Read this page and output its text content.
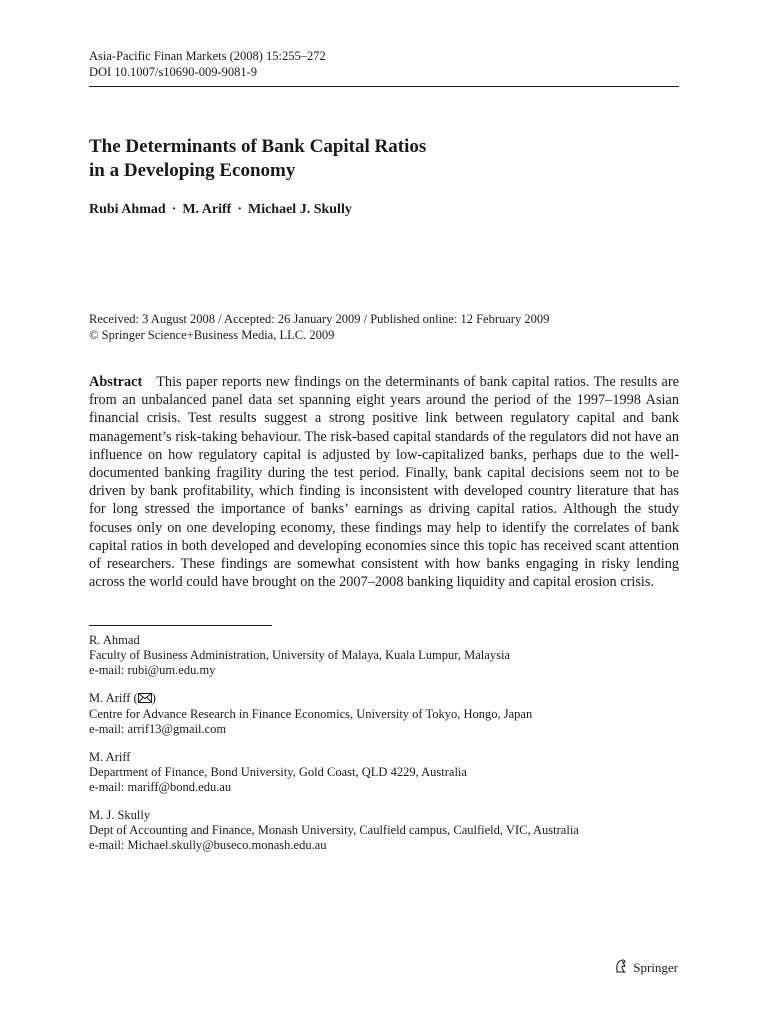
Asia-Pacific Finan Markets (2008) 15:255–272

DOI 10.1007/s10690-009-9081-9

The Determinants of Bank Capital Ratios
in a Developing Economy

Rubi Ahmad · M. Ariff · Michael J. Skully

Received: 3 August 2008 / Accepted: 26 January 2009 / Published online: 12 February 2009
© Springer Science+Business Media, LLC. 2009

Abstract This paper reports new findings on the determinants of bank capital ratios. The results are from an unbalanced panel data set spanning eight years around the period of the 1997–1998 Asian financial crisis. Test results suggest a strong positive link between regulatory capital and bank management’s risk-taking behaviour. The risk-based capital standards of the regulators did not have an influence on how regulatory capital is adjusted by low-capitalized banks, perhaps due to the well-documented banking fragility during the test period. Finally, bank capital decisions seem not to be driven by bank profitability, which finding is inconsistent with developed country literature that has for long stressed the importance of banks’ earnings as driving capital ratios. Although the study focuses only on one developing economy, these findings may help to identify the correlates of bank capital ratios in both developed and developing economies since this topic has received scant attention of researchers. These findings are somewhat consistent with how banks engaging in risky lending across the world could have brought on the 2007–2008 banking liquidity and capital erosion crisis.

R. Ahmad

Faculty of Business Administration, University of Malaya, Kuala Lumpur, Malaysia

e-mail: rubi@um.edu.my

M. Ariff ( )

Centre for Advance Research in Finance Economics, University of Tokyo, Hongo, Japan

e-mail: arrif13@gmail.com

M. Ariff

Department of Finance, Bond University, Gold Coast, QLD 4229, Australia

e-mail: mariff@bond.edu.au

M. J. Skully

Dept of Accounting and Finance, Monash University, Caulfield campus, Caulfield, VIC, Australia

e-mail: Michael.skully@buseco.monash.edu.au

Springer
